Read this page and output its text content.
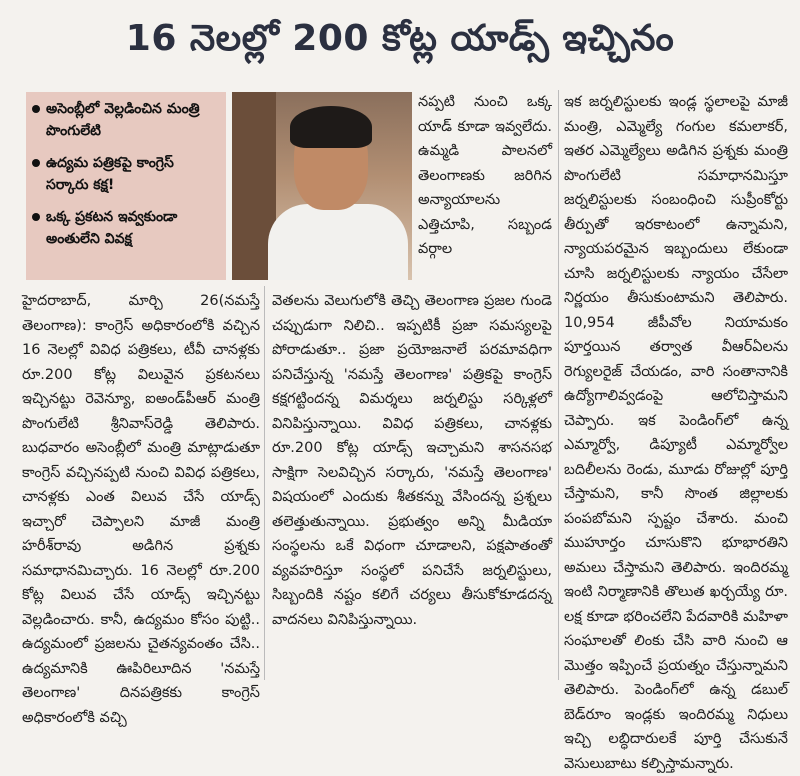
16 నెలల్లో 200 కోట్ల యాడ్స్ ఇచ్చినం
అసెంబ్లీలో వెల్లడించిన మంత్రి పొంగులేటి
ఉద్యమ పత్రికపై కాంగ్రెస్ సర్కారు కక్ష!
ఒక్క ప్రకటన ఇవ్వకుండా అంతులేని వివక్ష
హైదరాబాద్, మార్చి 26(నమస్తే తెలంగాణ): కాంగ్రెస్ అధికారంలోకి వచ్చిన 16 నెలల్లో వివిధ పత్రికలు, టీవీ చానళ్లకు రూ.200 కోట్ల విలువైన ప్రకటనలు ఇచ్చినట్టు రెవెన్యూ, ఐఅండ్‌పీఆర్ మంత్రి పొంగులేటి శ్రీనివాస్‌రెడ్డి తెలిపారు. బుధవారం అసెంబ్లీలో మంత్రి మాట్లాడుతూ కాంగ్రెస్ వచ్చినప్పటి నుంచి వివిధ పత్రికలు, చానళ్లకు ఎంత విలువ చేసే యాడ్స్ ఇచ్చారో చెప్పాలని మాజీ మంత్రి హరీశ్‌రావు అడిగిన ప్రశ్నకు సమాధానమిచ్చారు. 16 నెలల్లో రూ.200 కోట్ల విలువ చేసే యాడ్స్ ఇచ్చినట్టు వెల్లడించారు. కానీ, ఉద్యమం కోసం పుట్టి.. ఉద్యమంలో ప్రజలను చైతన్యవంతం చేసి.. ఉద్యమానికి ఊపిరిలూదిన 'నమస్తే తెలంగాణ' దినపత్రికకు కాంగ్రెస్ అధికారంలోకి వచ్చి
నప్పటి నుంచి ఒక్క యాడ్ కూడా ఇవ్వలేదు. ఉమ్మడి పాలనలో తెలంగాణకు జరిగిన అన్యాయాలను ఎత్తిచూపి, సబ్బండ వర్గాల
వెతలను వెలుగులోకి తెచ్చి తెలంగాణ ప్రజల గుండె చప్పుడుగా నిలిచి.. ఇప్పటికీ ప్రజా సమస్యలపై పోరాడుతూ.. ప్రజా ప్రయోజనాలే పరమావధిగా పనిచేస్తున్న 'నమస్తే తెలంగాణ' పత్రికపై కాంగ్రెస్ కక్షగట్టిందన్న విమర్శలు జర్నలిస్టు సర్కిళ్లలో వినిపిస్తున్నాయి. వివిధ పత్రికలు, చానళ్లకు రూ.200 కోట్ల యాడ్స్ ఇచ్చామని శాసనసభ సాక్షిగా సెలవిచ్చిన సర్కారు, 'నమస్తే తెలంగాణ' విషయంలో ఎందుకు శీతకన్ను వేసిందన్న ప్రశ్నలు తలెత్తుతున్నాయి. ప్రభుత్వం అన్ని మీడియా సంస్థలను ఒకే విధంగా చూడాలని, పక్షపాతంతో వ్యవహరిస్తూ సంస్థలో పనిచేసే జర్నలిస్టులు, సిబ్బందికి నష్టం కలిగే చర్యలు తీసుకోకూడదన్న వాదనలు వినిపిస్తున్నాయి.
ఇక జర్నలిస్టులకు ఇండ్ల స్థలాలపై మాజీ మంత్రి, ఎమ్మెల్యే గంగుల కమలాకర్, ఇతర ఎమ్మెల్యేలు అడిగిన ప్రశ్నకు మంత్రి పొంగులేటి సమాధానమిస్తూ జర్నలిస్టులకు సంబంధించి సుప్రీంకోర్టు తీర్పుతో ఇరకాటంలో ఉన్నామని, న్యాయపరమైన ఇబ్బందులు లేకుండా చూసి జర్నలిస్టులకు న్యాయం చేసేలా నిర్ణయం తీసుకుంటామని తెలిపారు. 10,954 జీపీవోల నియామకం పూర్తయిన తర్వాత వీఆర్‌ఏలను రెగ్యులరైజ్ చేయడం, వారి సంతానానికి ఉద్యోగాలివ్వడంపై ఆలోచిస్తామని చెప్పారు. ఇక పెండింగ్‌లో ఉన్న ఎమ్మార్వో, డిప్యూటీ ఎమ్మార్వోల బదిలీలను రెండు, మూడు రోజుల్లో పూర్తి చేస్తామని, కానీ సొంత జిల్లాలకు పంపబోమని స్పష్టం చేశారు. మంచి ముహూర్తం చూసుకొని భూభారతిని అమలు చేస్తామని తెలిపారు. ఇందిరమ్మ ఇంటి నిర్మాణానికి తొలుత ఖర్చయ్యే రూ. లక్ష కూడా భరించలేని పేదవారికి మహిళా సంఘాలతో లింకు చేసి వారి నుంచి ఆ మొత్తం ఇప్పించే ప్రయత్నం చేస్తున్నామని తెలిపారు. పెండింగ్‌లో ఉన్న డబుల్ బెడ్‌రూం ఇండ్లకు ఇందిరమ్మ నిధులు ఇచ్చి లబ్ధిదారులకే పూర్తి చేసుకునే వెసులుబాటు కల్పిస్తామన్నారు.
